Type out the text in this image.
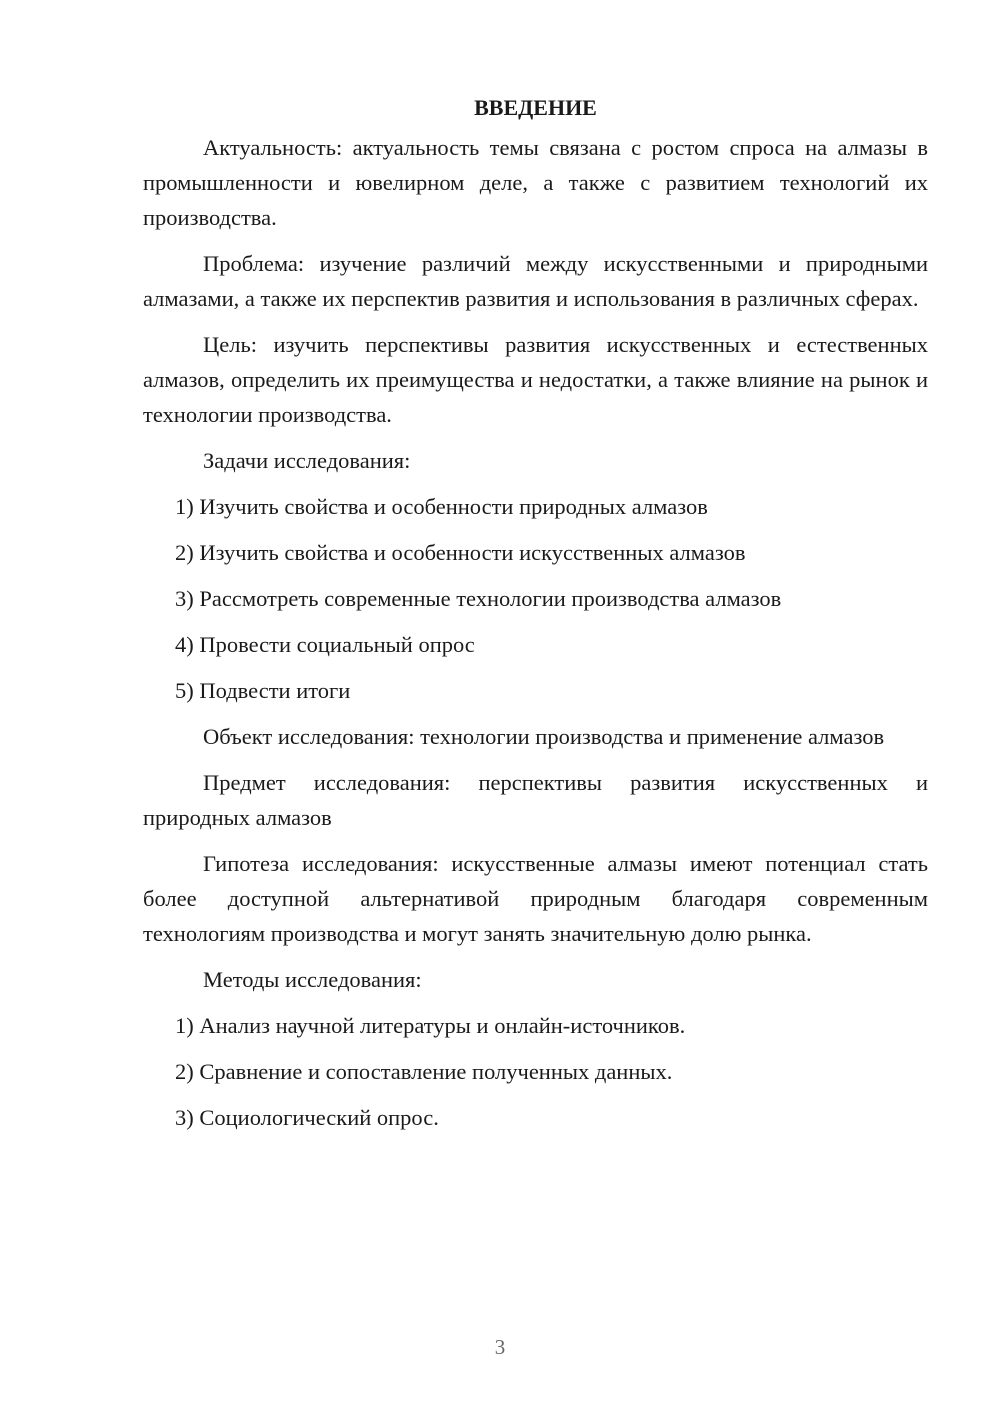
ВВЕДЕНИЕ
Актуальность: актуальность темы связана с ростом спроса на алмазы в промышленности и ювелирном деле, а также с развитием технологий их производства.
Проблема: изучение различий между искусственными и природными алмазами, а также их перспектив развития и использования в различных сферах.
Цель: изучить перспективы развития искусственных и естественных алмазов, определить их преимущества и недостатки, а также влияние на рынок и технологии производства.
Задачи исследования:
1) Изучить свойства и особенности природных алмазов
2) Изучить свойства и особенности искусственных алмазов
3) Рассмотреть современные технологии производства алмазов
4) Провести социальный опрос
5) Подвести итоги
Объект исследования: технологии производства и применение алмазов
Предмет исследования: перспективы развития искусственных и природных алмазов
Гипотеза исследования: искусственные алмазы имеют потенциал стать более доступной альтернативой природным благодаря современным технологиям производства и могут занять значительную долю рынка.
Методы исследования:
1) Анализ научной литературы и онлайн-источников.
2) Сравнение и сопоставление полученных данных.
3) Социологический опрос.
3
